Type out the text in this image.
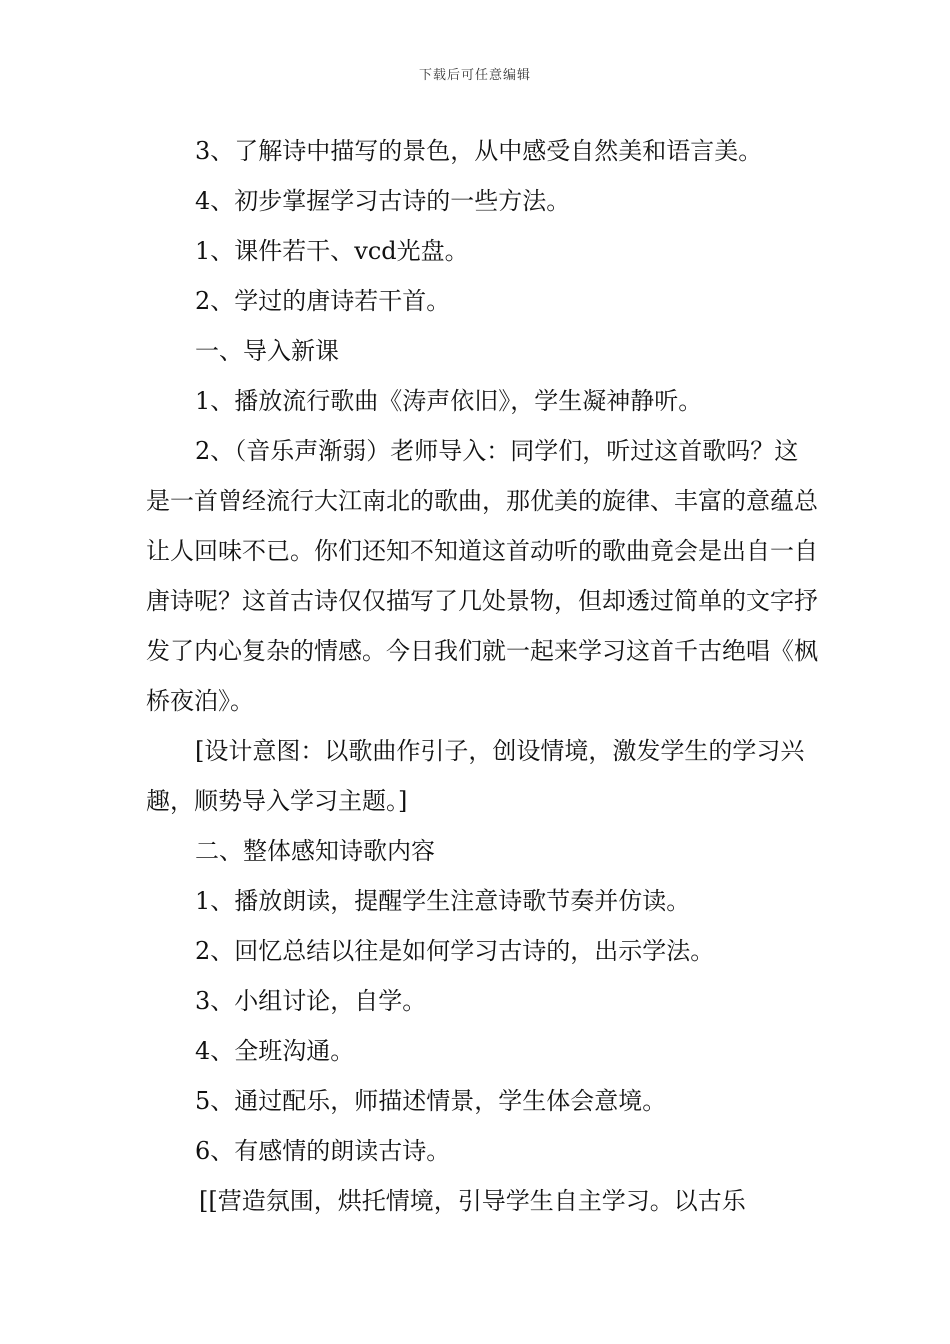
下载后可任意编辑

3、了解诗中描写的景色，从中感受自然美和语言美。

4、初步掌握学习古诗的一些方法。

1、课件若干、vcd光盘。

2、学过的唐诗若干首。

一、导入新课

1、播放流行歌曲《涛声依旧》，学生凝神静听。

2、（音乐声渐弱）老师导入：同学们，听过这首歌吗？这是一首曾经流行大江南北的歌曲，那优美的旋律、丰富的意蕴总让人回味不已。你们还知不知道这首动听的歌曲竟会是出自一自唐诗呢？这首古诗仅仅描写了几处景物，但却透过简单的文字抒发了内心复杂的情感。今日我们就一起来学习这首千古绝唱《枫桥夜泊》。

[设计意图：以歌曲作引子，创设情境，激发学生的学习兴趣，顺势导入学习主题。]

二、整体感知诗歌内容

1、播放朗读，提醒学生注意诗歌节奏并仿读。

2、回忆总结以往是如何学习古诗的，出示学法。

3、小组讨论，自学。

4、全班沟通。

5、通过配乐，师描述情景，学生体会意境。

6、有感情的朗读古诗。

[[营造氛围，烘托情境，引导学生自主学习。以古乐
